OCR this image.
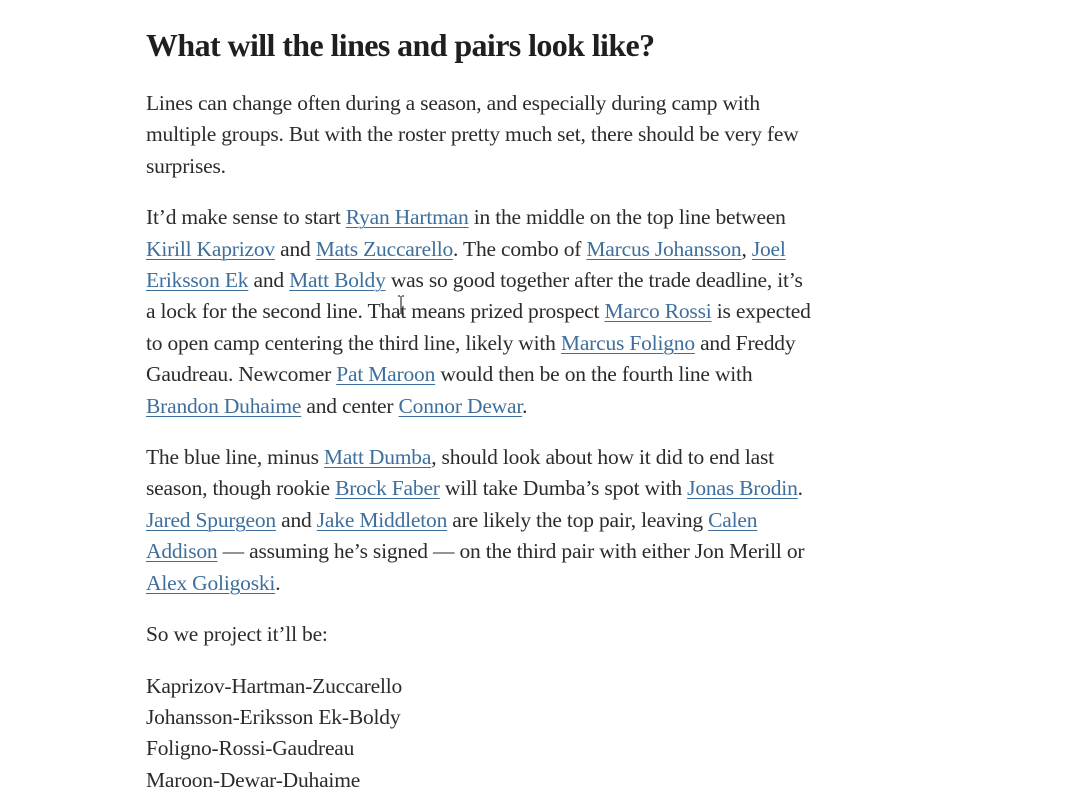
What will the lines and pairs look like?

Lines can change often during a season, and especially during camp with multiple groups. But with the roster pretty much set, there should be very few surprises.

It’d make sense to start Ryan Hartman in the middle on the top line between Kirill Kaprizov and Mats Zuccarello. The combo of Marcus Johansson, Joel Eriksson Ek and Matt Boldy was so good together after the trade deadline, it’s a lock for the second line. That means prized prospect Marco Rossi is expected to open camp centering the third line, likely with Marcus Foligno and Freddy Gaudreau. Newcomer Pat Maroon would then be on the fourth line with Brandon Duhaime and center Connor Dewar.

The blue line, minus Matt Dumba, should look about how it did to end last season, though rookie Brock Faber will take Dumba’s spot with Jonas Brodin. Jared Spurgeon and Jake Middleton are likely the top pair, leaving Calen Addison — assuming he’s signed — on the third pair with either Jon Merill or Alex Goligoski.

So we project it’ll be:

Kaprizov-Hartman-Zuccarello
Johansson-Eriksson Ek-Boldy
Foligno-Rossi-Gaudreau
Maroon-Dewar-Duhaime
